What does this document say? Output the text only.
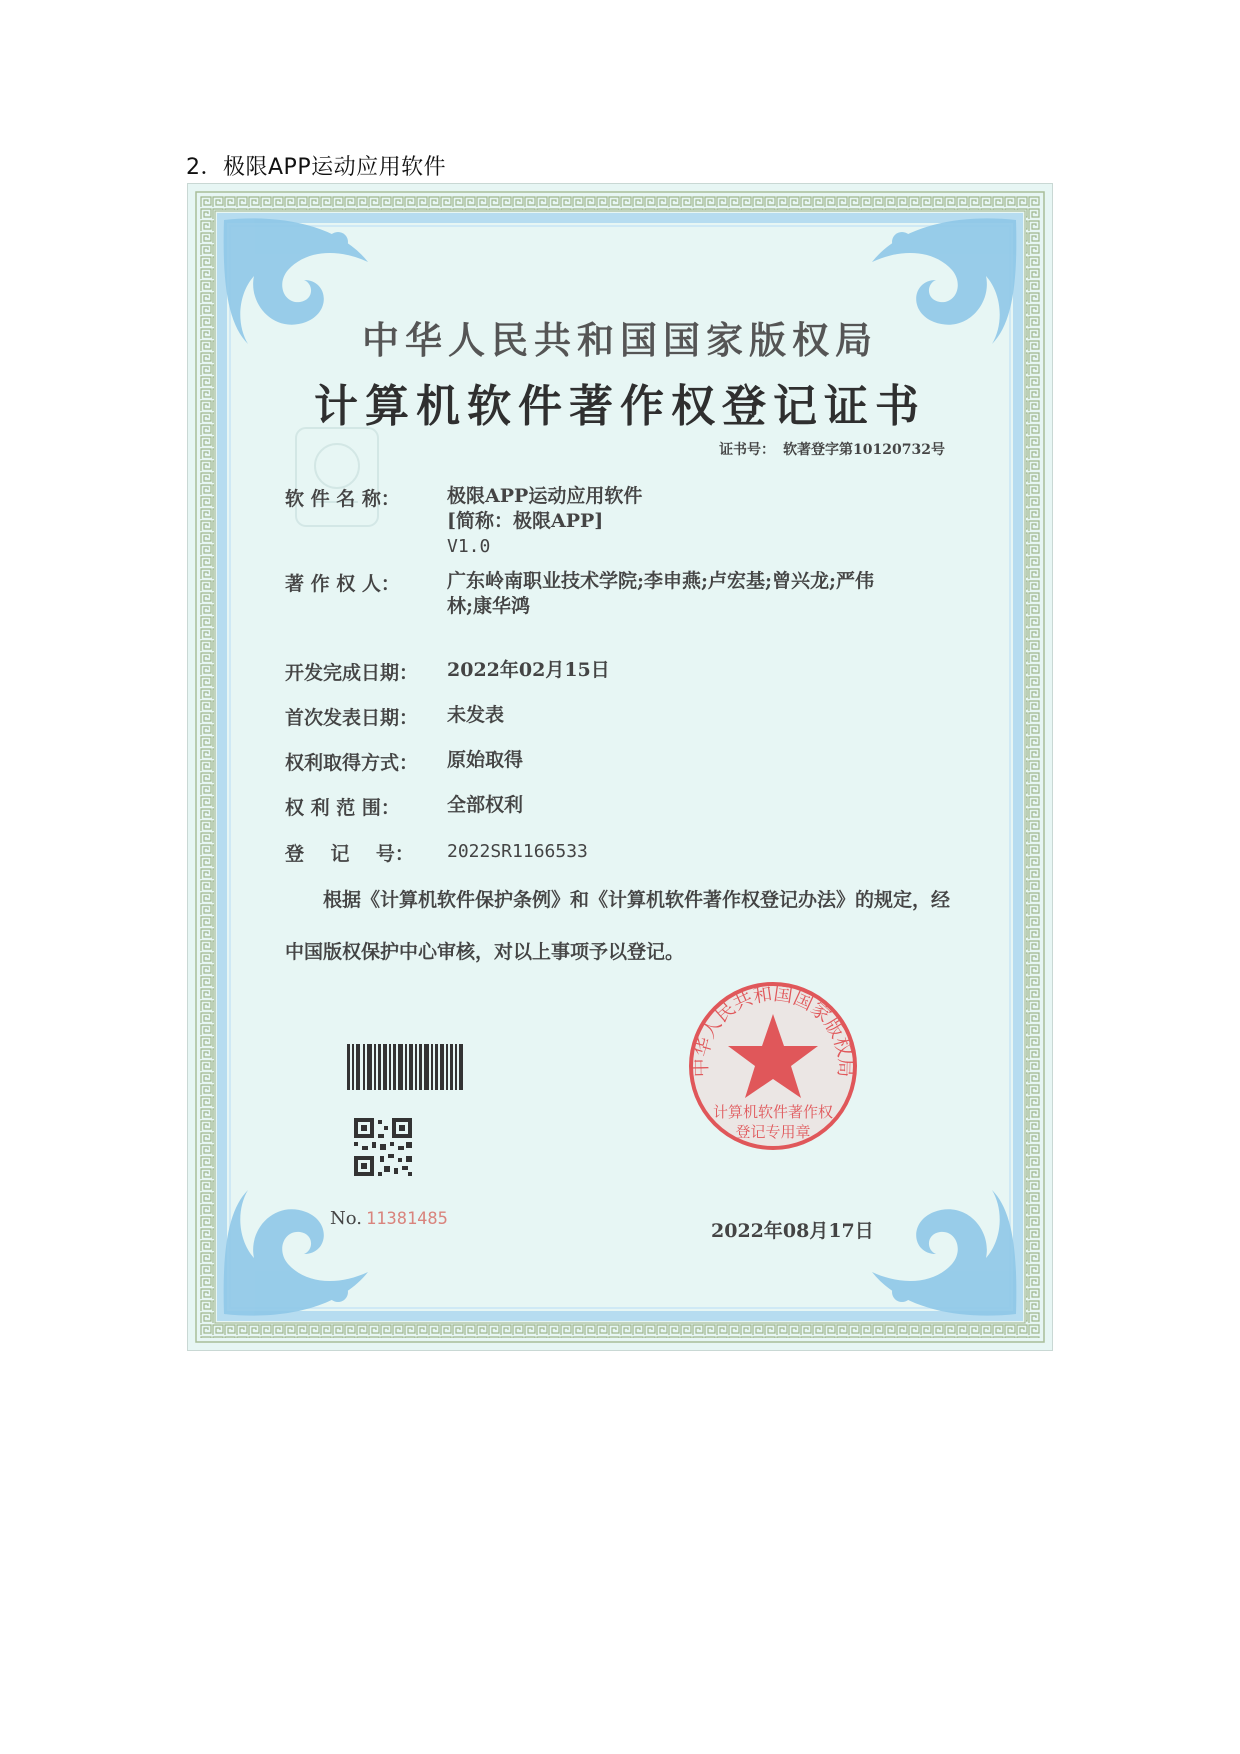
2．极限APP运动应用软件
中华人民共和国国家版权局
计算机软件著作权
登记专用章
中华人民共和国国家版权局
计算机软件著作权登记证书
证书号： 软著登字第10120732号
软 件 名 称： 极限APP运动应用软件
[简称：极限APP]
V1.0
著 作 权 人： 广东岭南职业技术学院;李申燕;卢宏基;曾兴龙;严伟
林;康华鸿
开发完成日期： 2022年02月15日
首次发表日期： 未发表
权利取得方式： 原始取得
权 利 范 围： 全部权利
登    记    号： 2022SR1166533
根据《计算机软件保护条例》和《计算机软件著作权登记办法》的规定，经中国版权保护中心审核，对以上事项予以登记。
No. 11381485
2022年08月17日
